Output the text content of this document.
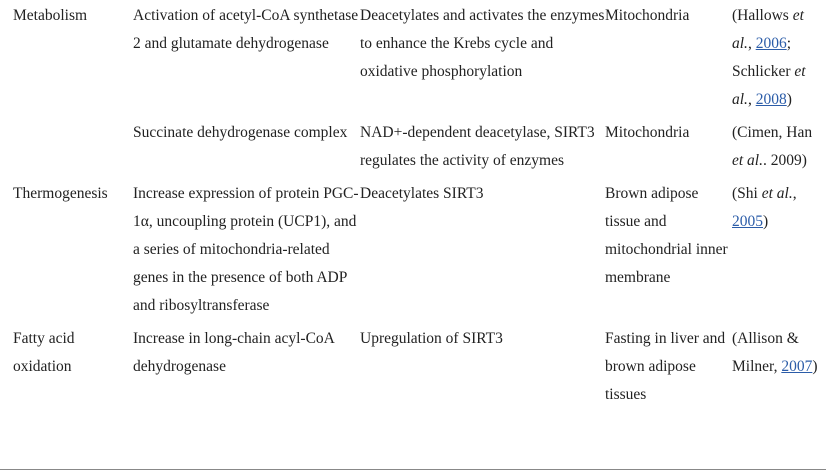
Metabolism	Activation of acetyl-CoA synthetase 2 and glutamate dehydrogenase	Deacetylates and activates the enzymes to enhance the Krebs cycle and oxidative phosphorylation	Mitochondria	(Hallows et al., 2006; Schlicker et al., 2008)
	Succinate dehydrogenase complex	NAD+-dependent deacetylase, SIRT3 regulates the activity of enzymes	Mitochondria	(Cimen, Han et al.. 2009)
Thermogenesis	Increase expression of protein PGC-1α, uncoupling protein (UCP1), and a series of mitochondria-related genes in the presence of both ADP and ribosyltransferase	Deacetylates SIRT3	Brown adipose tissue and mitochondrial inner membrane	(Shi et al., 2005)
Fatty acid oxidation	Increase in long-chain acyl-CoA dehydrogenase	Upregulation of SIRT3	Fasting in liver and brown adipose tissues	(Allison & Milner, 2007)
